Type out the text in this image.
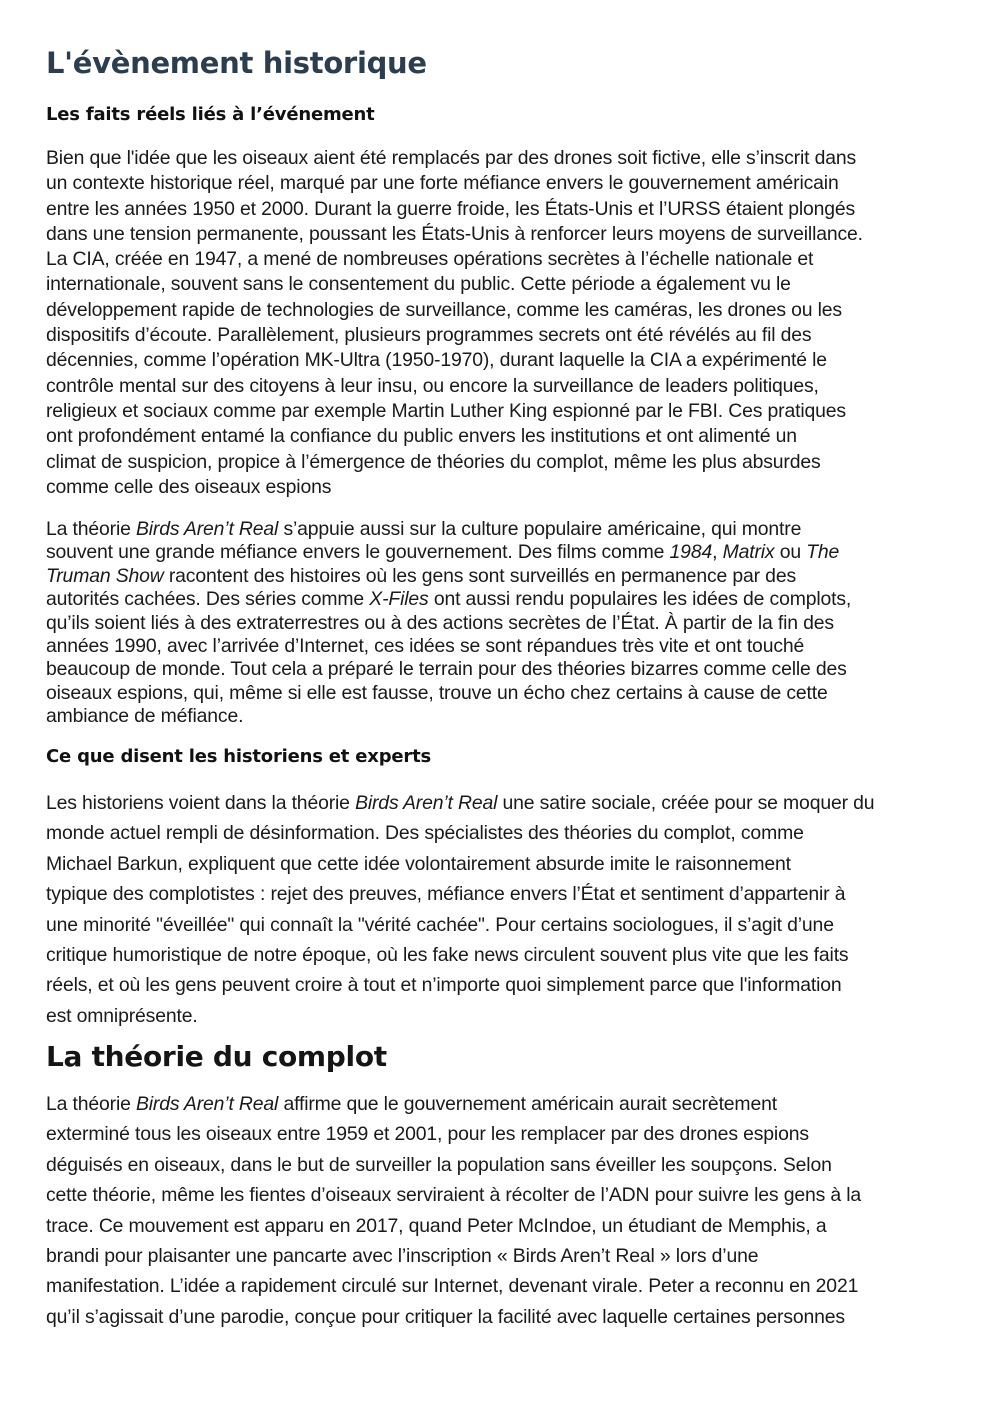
L'évènement historique
Les faits réels liés à l’événement
Bien que l'idée que les oiseaux aient été remplacés par des drones soit fictive, elle s’inscrit dans
un contexte historique réel, marqué par une forte méfiance envers le gouvernement américain
entre les années 1950 et 2000. Durant la guerre froide, les États-Unis et l’URSS étaient plongés
dans une tension permanente, poussant les États-Unis à renforcer leurs moyens de surveillance.
La CIA, créée en 1947, a mené de nombreuses opérations secrètes à l’échelle nationale et
internationale, souvent sans le consentement du public. Cette période a également vu le
développement rapide de technologies de surveillance, comme les caméras, les drones ou les
dispositifs d’écoute. Parallèlement, plusieurs programmes secrets ont été révélés au fil des
décennies, comme l’opération MK-Ultra (1950-1970), durant laquelle la CIA a expérimenté le
contrôle mental sur des citoyens à leur insu, ou encore la surveillance de leaders politiques,
religieux et sociaux comme par exemple Martin Luther King espionné par le FBI. Ces pratiques
ont profondément entamé la confiance du public envers les institutions et ont alimenté un
climat de suspicion, propice à l’émergence de théories du complot, même les plus absurdes
comme celle des oiseaux espions
La théorie Birds Aren’t Real s’appuie aussi sur la culture populaire américaine, qui montre
souvent une grande méfiance envers le gouvernement. Des films comme 1984, Matrix ou The
Truman Show racontent des histoires où les gens sont surveillés en permanence par des
autorités cachées. Des séries comme X-Files ont aussi rendu populaires les idées de complots,
qu’ils soient liés à des extraterrestres ou à des actions secrètes de l’État. À partir de la fin des
années 1990, avec l’arrivée d’Internet, ces idées se sont répandues très vite et ont touché
beaucoup de monde. Tout cela a préparé le terrain pour des théories bizarres comme celle des
oiseaux espions, qui, même si elle est fausse, trouve un écho chez certains à cause de cette
ambiance de méfiance.
Ce que disent les historiens et experts
Les historiens voient dans la théorie Birds Aren’t Real une satire sociale, créée pour se moquer du
monde actuel rempli de désinformation. Des spécialistes des théories du complot, comme
Michael Barkun, expliquent que cette idée volontairement absurde imite le raisonnement
typique des complotistes : rejet des preuves, méfiance envers l’État et sentiment d’appartenir à
une minorité "éveillée" qui connaît la "vérité cachée". Pour certains sociologues, il s’agit d’une
critique humoristique de notre époque, où les fake news circulent souvent plus vite que les faits
réels, et où les gens peuvent croire à tout et n’importe quoi simplement parce que l'information
est omniprésente.
La théorie du complot
La théorie Birds Aren’t Real affirme que le gouvernement américain aurait secrètement
exterminé tous les oiseaux entre 1959 et 2001, pour les remplacer par des drones espions
déguisés en oiseaux, dans le but de surveiller la population sans éveiller les soupçons. Selon
cette théorie, même les fientes d’oiseaux serviraient à récolter de l’ADN pour suivre les gens à la
trace. Ce mouvement est apparu en 2017, quand Peter McIndoe, un étudiant de Memphis, a
brandi pour plaisanter une pancarte avec l’inscription « Birds Aren’t Real » lors d’une
manifestation. L’idée a rapidement circulé sur Internet, devenant virale. Peter a reconnu en 2021
qu’il s’agissait d’une parodie, conçue pour critiquer la facilité avec laquelle certaines personnes
